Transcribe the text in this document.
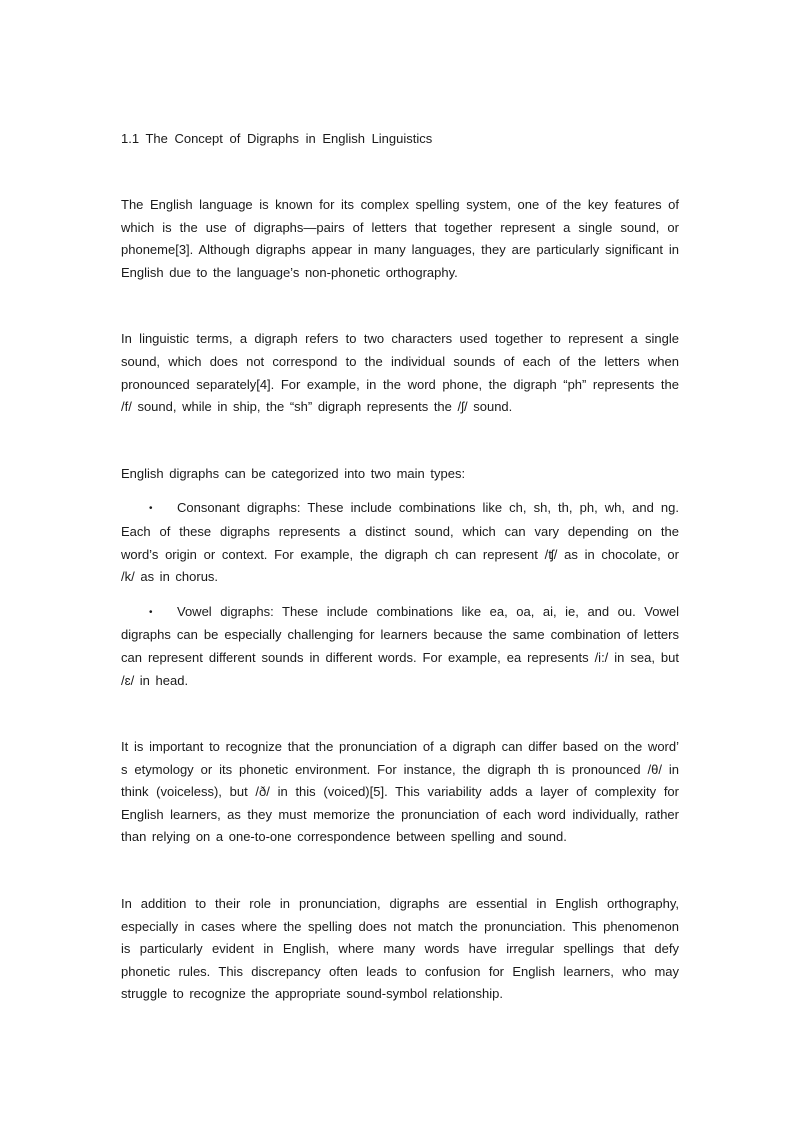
1.1 The Concept of Digraphs in English Linguistics

The English language is known for its complex spelling system, one of the key features of which is the use of digraphs—pairs of letters that together represent a single sound, or phoneme[3]. Although digraphs appear in many languages, they are particularly significant in English due to the language’s non-phonetic orthography.

In linguistic terms, a digraph refers to two characters used together to represent a single sound, which does not correspond to the individual sounds of each of the letters when pronounced separately[4]. For example, in the word phone, the digraph “ph” represents the /f/ sound, while in ship, the “sh” digraph represents the /ʃ/ sound.

English digraphs can be categorized into two main types:

• Consonant digraphs: These include combinations like ch, sh, th, ph, wh, and ng. Each of these digraphs represents a distinct sound, which can vary depending on the word’s origin or context. For example, the digraph ch can represent /ʧ/ as in chocolate, or /k/ as in chorus.

• Vowel digraphs: These include combinations like ea, oa, ai, ie, and ou. Vowel digraphs can be especially challenging for learners because the same combination of letters can represent different sounds in different words. For example, ea represents /i:/ in sea, but /ɛ/ in head.

It is important to recognize that the pronunciation of a digraph can differ based on the word’ s etymology or its phonetic environment. For instance, the digraph th is pronounced /θ/ in think (voiceless), but /ð/ in this (voiced)[5]. This variability adds a layer of complexity for English learners, as they must memorize the pronunciation of each word individually, rather than relying on a one-to-one correspondence between spelling and sound.

In addition to their role in pronunciation, digraphs are essential in English orthography, especially in cases where the spelling does not match the pronunciation. This phenomenon is particularly evident in English, where many words have irregular spellings that defy phonetic rules. This discrepancy often leads to confusion for English learners, who may struggle to recognize the appropriate sound-symbol relationship.
